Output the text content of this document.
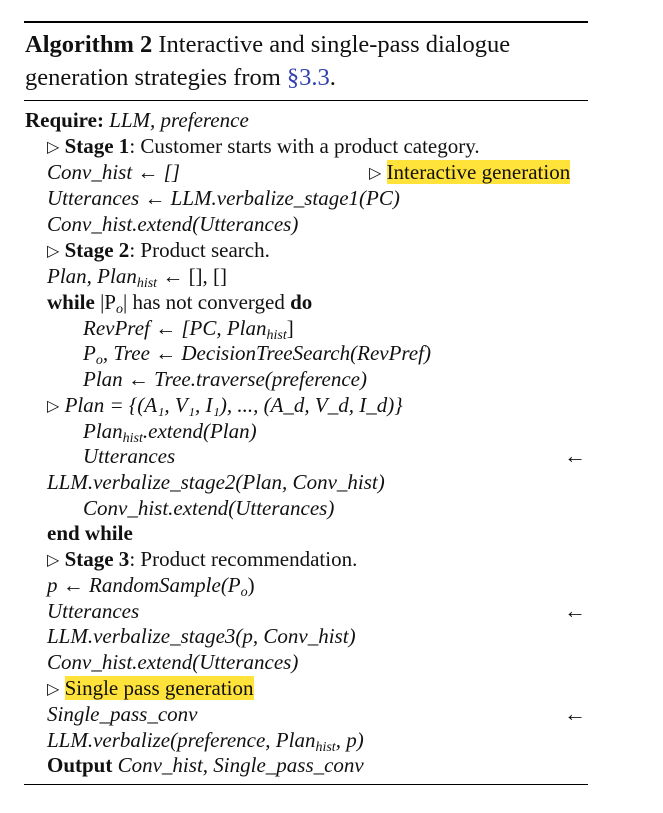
Algorithm 2 Interactive and single-pass dialogue
generation strategies from §3.3.
Require: LLM, preference
▷ Stage 1: Customer starts with a product category.
Conv_hist ← []	▷ Interactive generation
Utterances ← LLM.verbalize_stage1(PC)
Conv_hist.extend(Utterances)
▷ Stage 2: Product search.
Plan, Plan$_{hist}$ ← [], []
while $|P_o|$ has not converged do
RevPref ← [PC, Plan$_{hist}$]
$P_o$, Tree ← DecisionTreeSearch(RevPref)
Plan ← Tree.traverse(preference)
▷ Plan = {(A₁, V₁, I₁), ..., (A_d, V_d, I_d)}
Plan$_{hist}$.extend(Plan)
Utterances	←
LLM.verbalize_stage2(Plan, Conv_hist)
Conv_hist.extend(Utterances)
end while
▷ Stage 3: Product recommendation.
p ← $RandomSample(P_o)$
Utterances	←
LLM.verbalize_stage3(p, Conv_hist)
Conv_hist.extend(Utterances)
▷ Single pass generation
Single_pass_conv	←
LLM.verbalize(preference, Plan$_{hist}$, p)
Output Conv_hist, Single_pass_conv
